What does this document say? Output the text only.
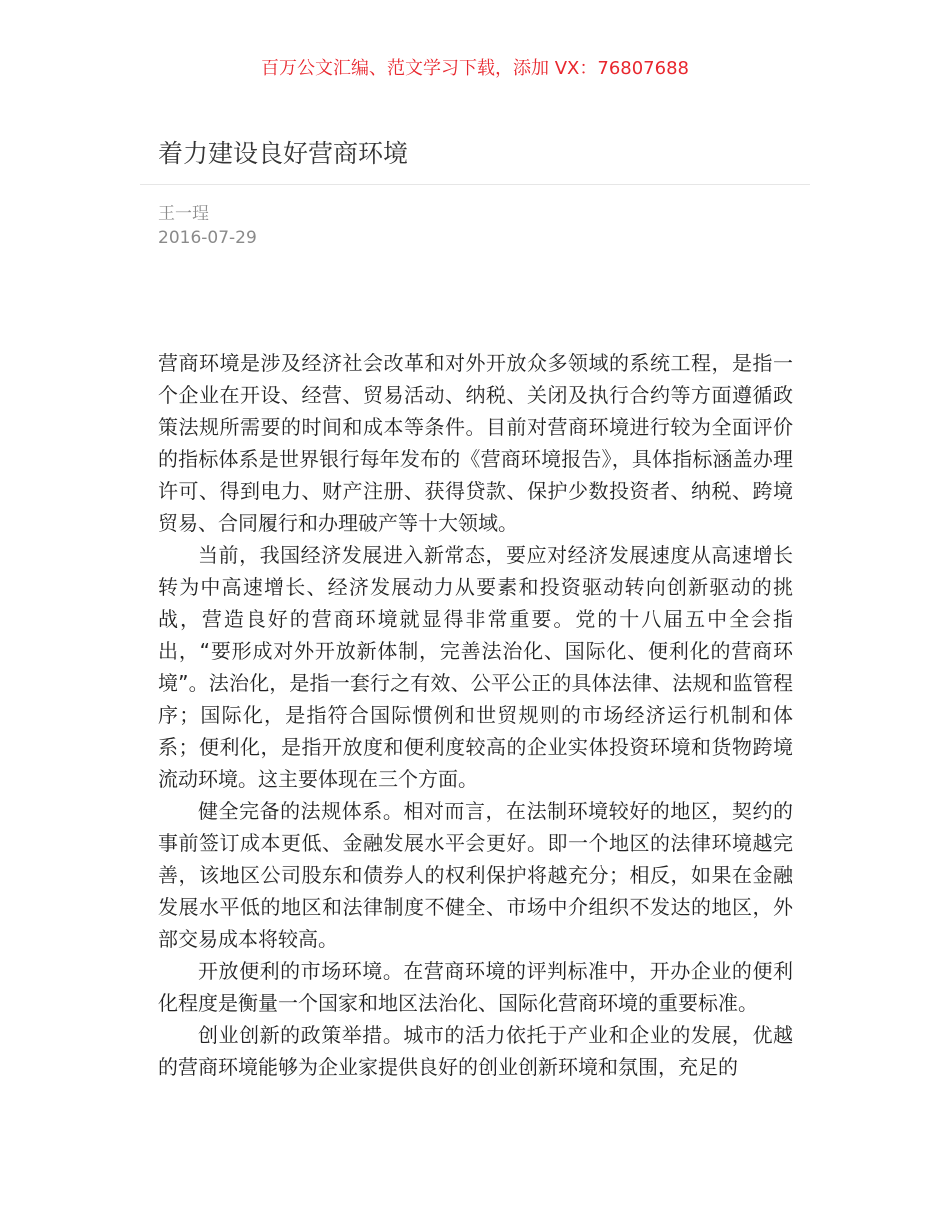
百万公文汇编、范文学习下载，添加 VX：76807688
着力建设良好营商环境
王一珵
2016-07-29

营商环境是涉及经济社会改革和对外开放众多领域的系统工程，是指一个企业在开设、经营、贸易活动、纳税、关闭及执行合约等方面遵循政策法规所需要的时间和成本等条件。目前对营商环境进行较为全面评价的指标体系是世界银行每年发布的《营商环境报告》，具体指标涵盖办理许可、得到电力、财产注册、获得贷款、保护少数投资者、纳税、跨境贸易、合同履行和办理破产等十大领域。

当前，我国经济发展进入新常态，要应对经济发展速度从高速增长转为中高速增长、经济发展动力从要素和投资驱动转向创新驱动的挑战，营造良好的营商环境就显得非常重要。党的十八届五中全会指出，“要形成对外开放新体制，完善法治化、国际化、便利化的营商环境”。法治化，是指一套行之有效、公平公正的具体法律、法规和监管程序；国际化，是指符合国际惯例和世贸规则的市场经济运行机制和体系；便利化，是指开放度和便利度较高的企业实体投资环境和货物跨境流动环境。这主要体现在三个方面。

健全完备的法规体系。相对而言，在法制环境较好的地区，契约的事前签订成本更低、金融发展水平会更好。即一个地区的法律环境越完善，该地区公司股东和债券人的权利保护将越充分；相反，如果在金融发展水平低的地区和法律制度不健全、市场中介组织不发达的地区，外部交易成本将较高。

开放便利的市场环境。在营商环境的评判标准中，开办企业的便利化程度是衡量一个国家和地区法治化、国际化营商环境的重要标准。

创业创新的政策举措。城市的活力依托于产业和企业的发展，优越的营商环境能够为企业家提供良好的创业创新环境和氛围，充足的
